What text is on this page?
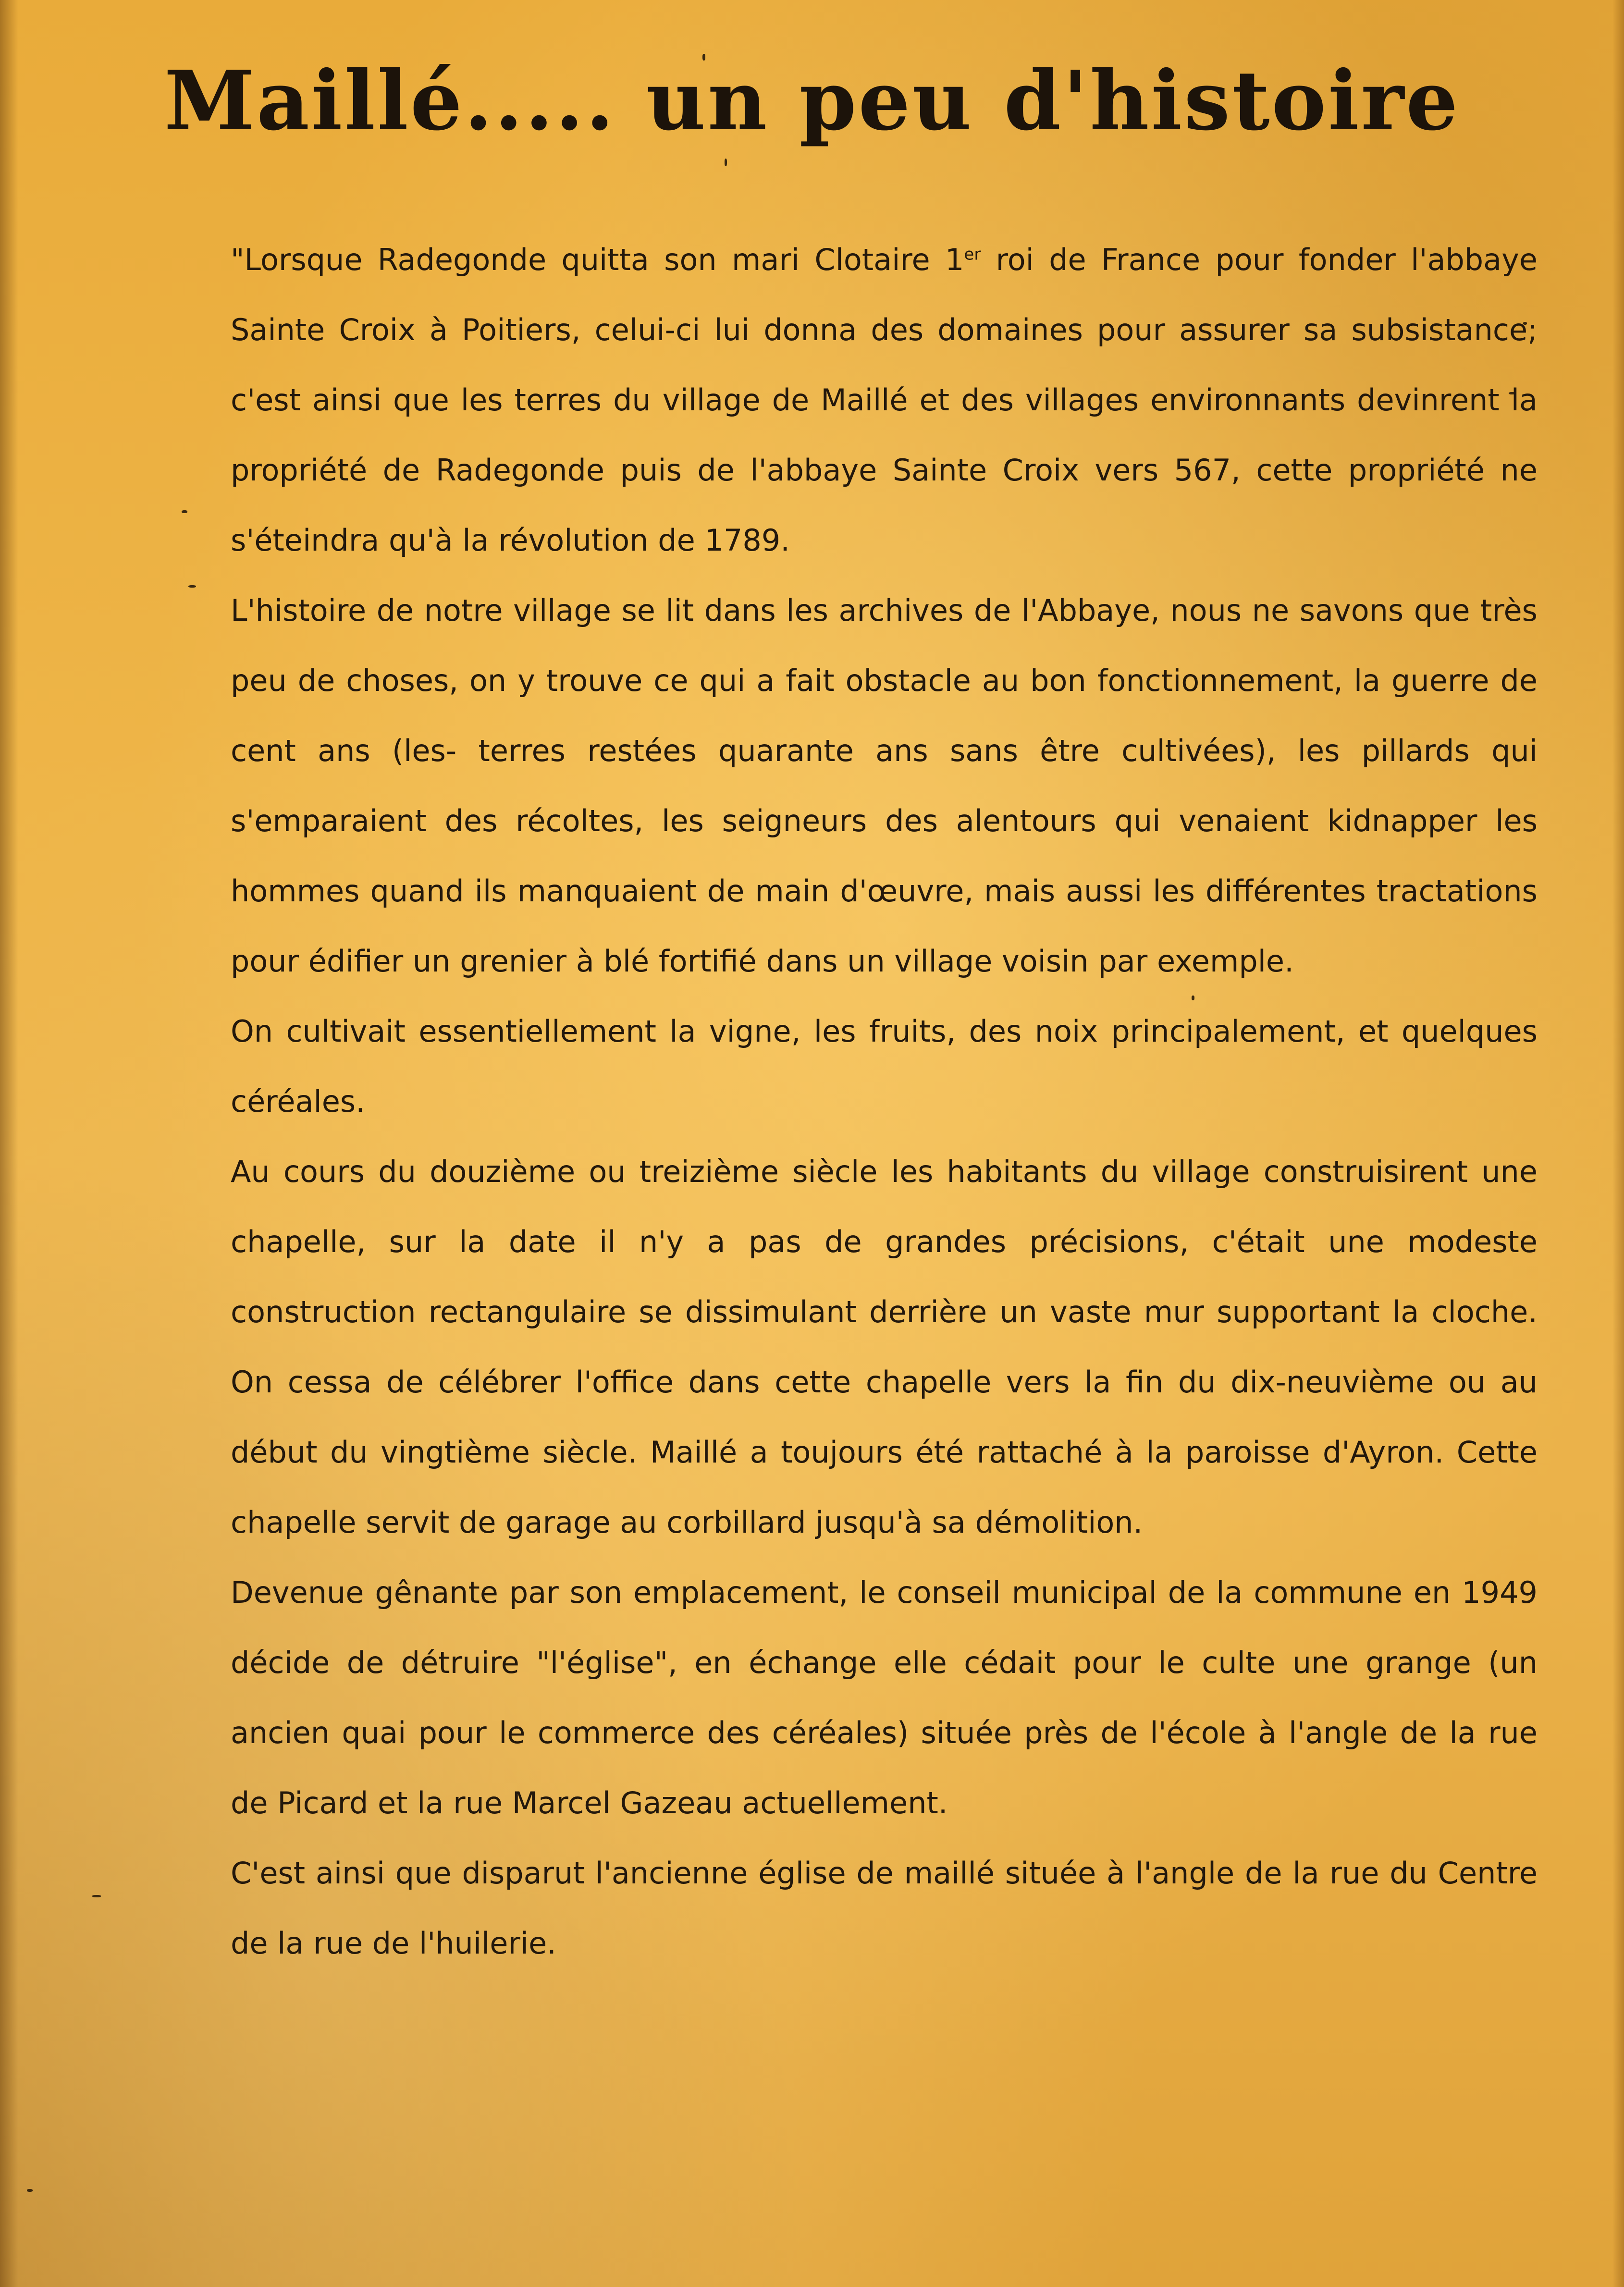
Maillé..... un peu d'histoire

"Lorsque Radegonde quitta son mari Clotaire 1er roi de France pour fonder l'abbaye Sainte Croix à Poitiers, celui-ci lui donna des domaines pour assurer sa subsistance; c'est ainsi que les terres du village de Maillé et des villages environnants devinrent la propriété de Radegonde puis de l'abbaye Sainte Croix vers 567, cette propriété ne s'éteindra qu'à la révolution de 1789.

L'histoire de notre village se lit dans les archives de l'Abbaye, nous ne savons que très peu de choses, on y trouve ce qui a fait obstacle au bon fonctionnement, la guerre de cent ans (les- terres restées quarante ans sans être cultivées), les pillards qui s'emparaient des récoltes, les seigneurs des alentours qui venaient kidnapper les hommes quand ils manquaient de main d'œuvre, mais aussi les différentes tractations pour édifier un grenier à blé fortifié dans un village voisin par exemple.

On cultivait essentiellement la vigne, les fruits, des noix principalement, et quelques céréales.

Au cours du douzième ou treizième siècle les habitants du village construisirent une chapelle, sur la date il n'y a pas de grandes précisions, c'était une modeste construction rectangulaire se dissimulant derrière un vaste mur supportant la cloche. On cessa de célébrer l'office dans cette chapelle vers la fin du dix-neuvième ou au début du vingtième siècle. Maillé a toujours été rattaché à la paroisse d'Ayron. Cette chapelle servit de garage au corbillard jusqu'à sa démolition.

Devenue gênante par son emplacement, le conseil municipal de la commune en 1949 décide de détruire "l'église", en échange elle cédait pour le culte une grange (un ancien quai pour le commerce des céréales) située près de l'école à l'angle de la rue de Picard et la rue Marcel Gazeau actuellement.

C'est ainsi que disparut l'ancienne église de maillé située à l'angle de la rue du Centre de la rue de l'huilerie.
